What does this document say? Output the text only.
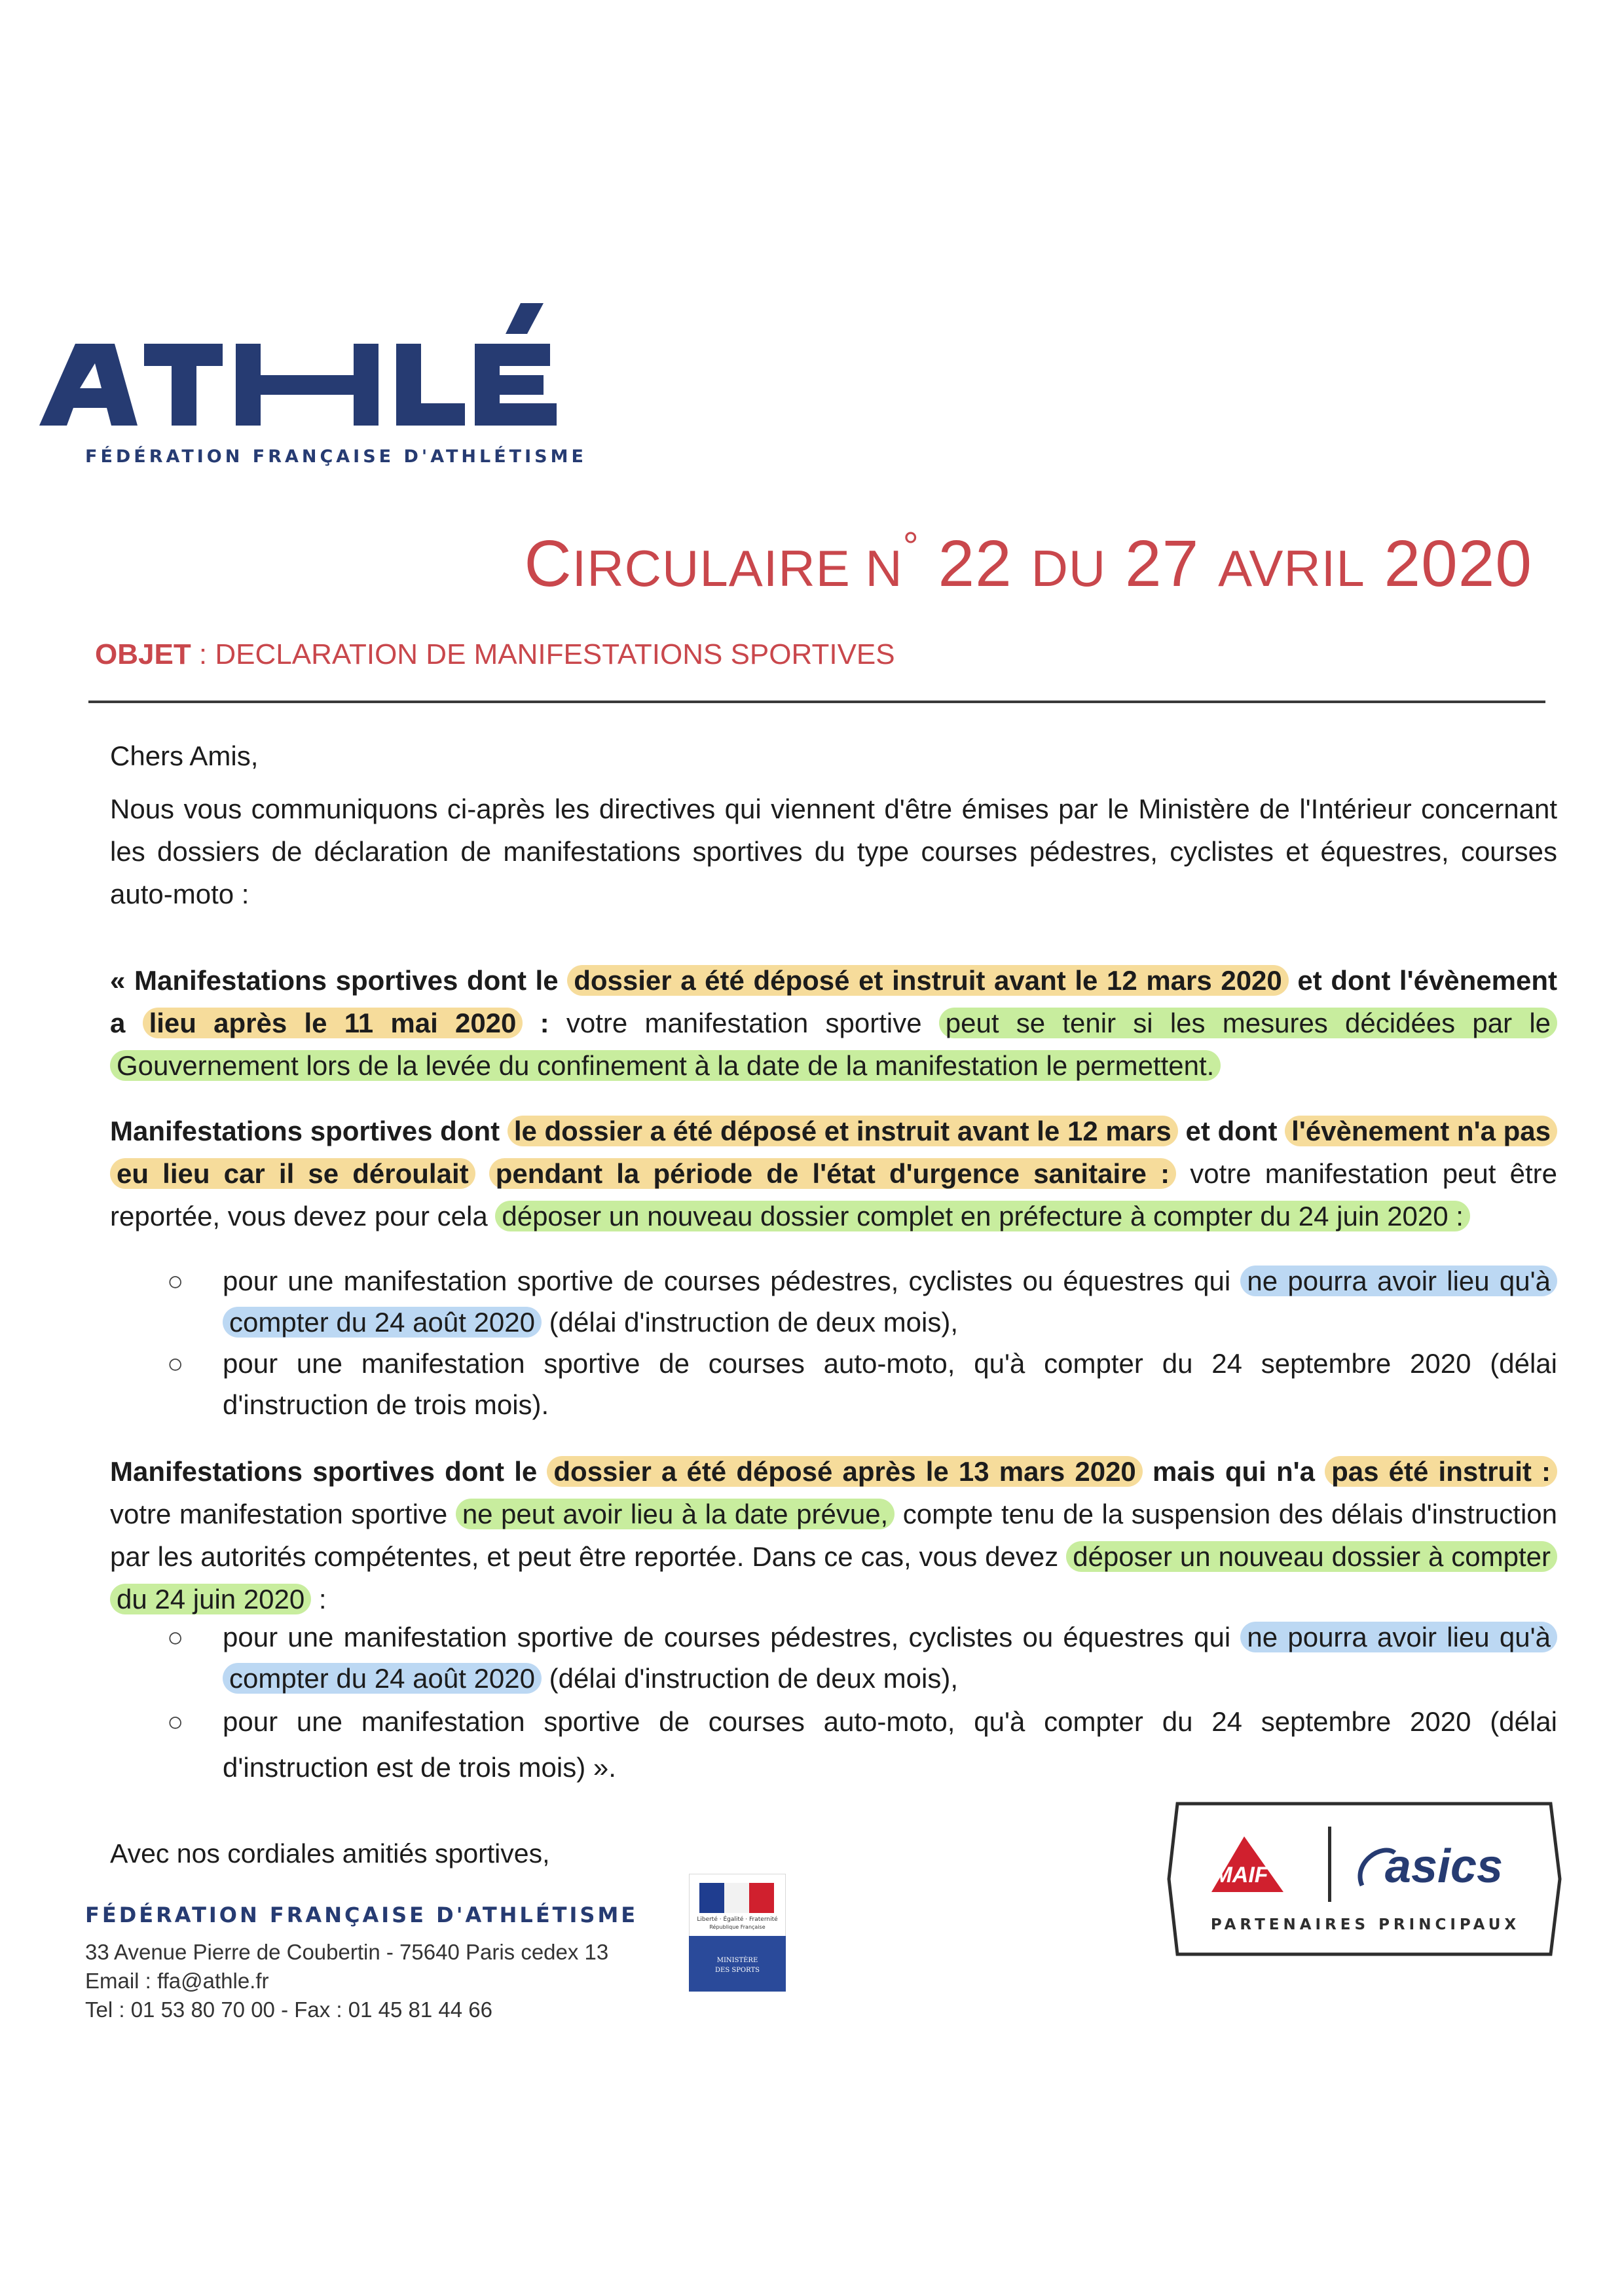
FÉDÉRATION FRANÇAISE D'ATHLÉTISME
CIRCULAIRE N° 22 DU 27 AVRIL 2020
OBJET : DECLARATION DE MANIFESTATIONS SPORTIVES
Chers Amis,
Nous vous communiquons ci-après les directives qui viennent d'être émises par le Ministère de l'Intérieur concernant les dossiers de déclaration de manifestations sportives du type courses pédestres, cyclistes et équestres, courses auto-moto :
« Manifestations sportives dont le dossier a été déposé et instruit avant le 12 mars 2020 et dont l'évènement a lieu après le 11 mai 2020 : votre manifestation sportive peut se tenir si les mesures décidées par le Gouvernement lors de la levée du confinement à la date de la manifestation le permettent.
Manifestations sportives dont le dossier a été déposé et instruit avant le 12 mars et dont l'évènement n'a pas eu lieu car il se déroulait pendant la période de l'état d'urgence sanitaire : votre manifestation peut être reportée, vous devez pour cela déposer un nouveau dossier complet en préfecture à compter du 24 juin 2020 :
○ pour une manifestation sportive de courses pédestres, cyclistes ou équestres qui ne pourra avoir lieu qu'à compter du 24 août 2020 (délai d'instruction de deux mois),
○ pour une manifestation sportive de courses auto-moto, qu'à compter du 24 septembre 2020 (délai d'instruction de trois mois).
Manifestations sportives dont le dossier a été déposé après le 13 mars 2020 mais qui n'a pas été instruit : votre manifestation sportive ne peut avoir lieu à la date prévue, compte tenu de la suspension des délais d'instruction par les autorités compétentes, et peut être reportée. Dans ce cas, vous devez déposer un nouveau dossier à compter du 24 juin 2020 :
○ pour une manifestation sportive de courses pédestres, cyclistes ou équestres qui ne pourra avoir lieu qu'à compter du 24 août 2020 (délai d'instruction de deux mois),
○ pour une manifestation sportive de courses auto-moto, qu'à compter du 24 septembre 2020 (délai d'instruction est de trois mois) ».
Avec nos cordiales amitiés sportives,
FÉDÉRATION FRANÇAISE D'ATHLÉTISME
33 Avenue Pierre de Coubertin - 75640 Paris cedex 13
Email : ffa@athle.fr
Tel : 01 53 80 70 00 - Fax : 01 45 81 44 66
Liberté · Égalité · Fraternité
République Française
MINISTÈRE
DES SPORTS
MAIF asics
PARTENAIRES PRINCIPAUX
